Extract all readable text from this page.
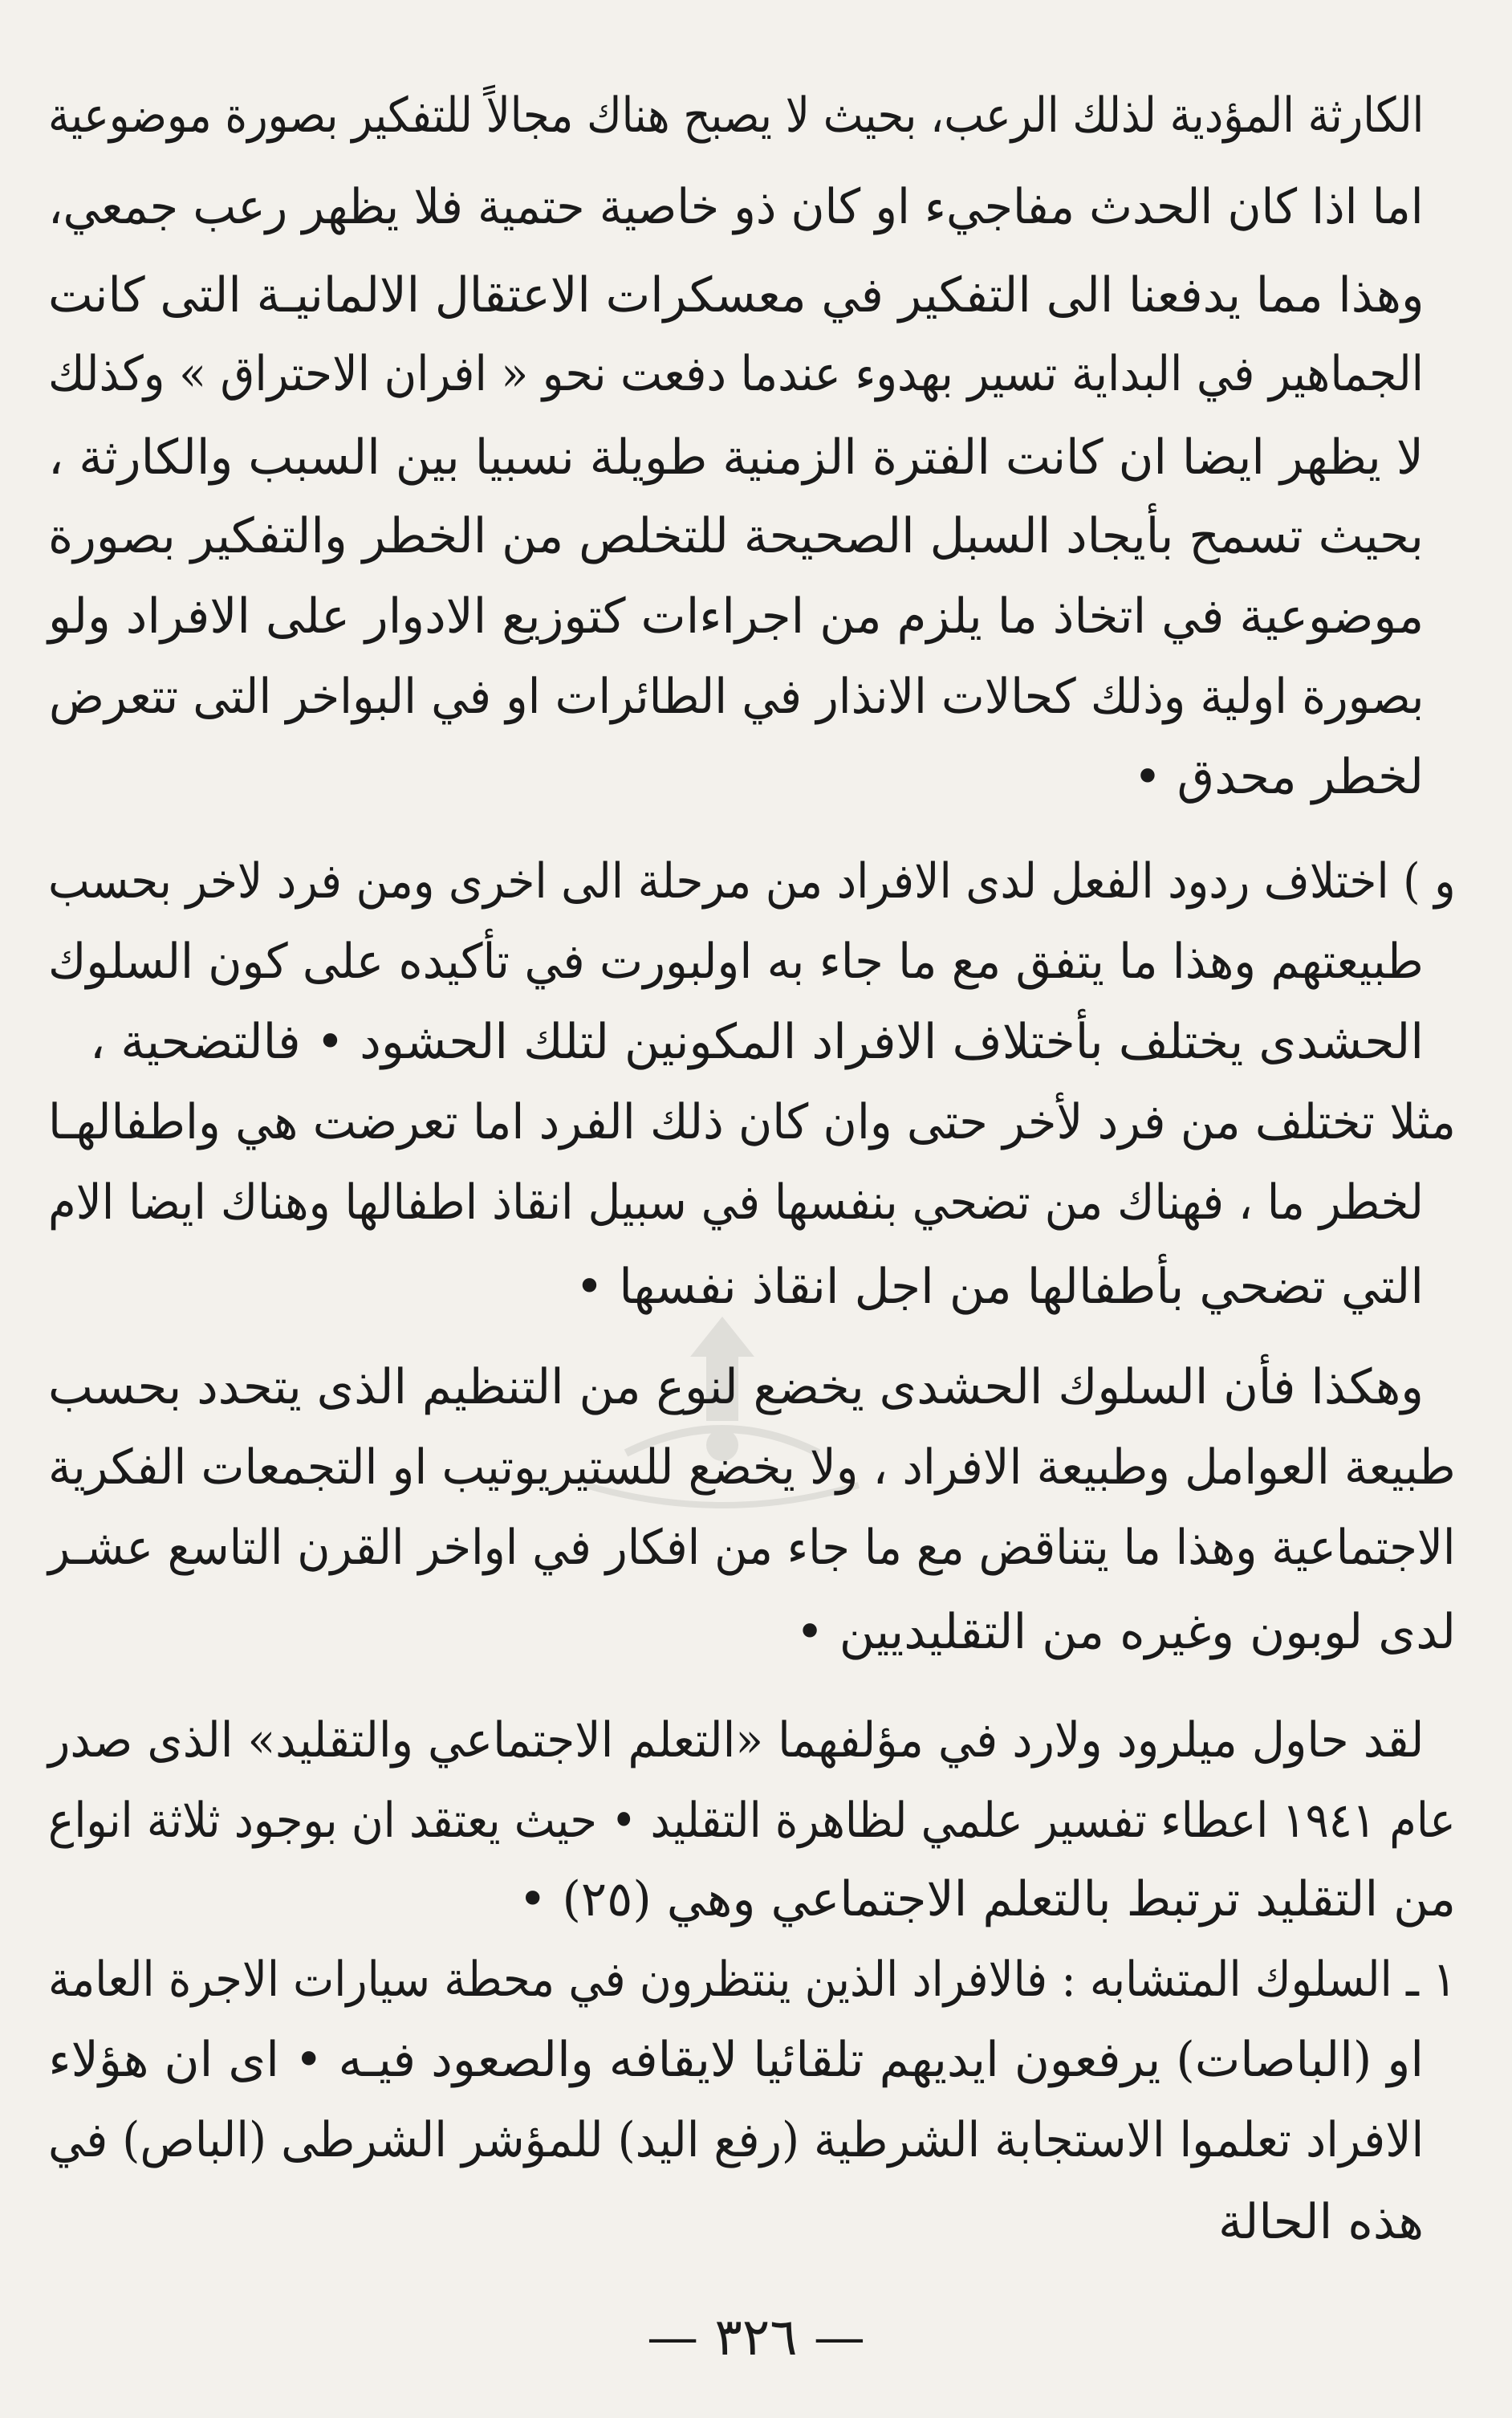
الكارثة المؤدية لذلك الرعب، بحيث لا يصبح هناك مجالاً للتفكير بصورة موضوعية
اما اذا كان الحدث مفاجيء او كان ذو خاصية حتمية فلا يظهر رعب جمعي،
وهذا مما يدفعنا الى التفكير في معسكرات الاعتقال الالمانيـة التى كانت
الجماهير في البداية تسير بهدوء عندما دفعت نحو « افران الاحتراق » وكذلك
لا يظهر ايضا ان كانت الفترة الزمنية طويلة نسبيا بين السبب والكارثة ،
بحيث تسمح بأيجاد السبل الصحيحة للتخلص من الخطر والتفكير بصورة
موضوعية في اتخاذ ما يلزم من اجراءات كتوزيع الادوار على الافراد ولو
بصورة اولية وذلك كحالات الانذار في الطائرات او في البواخر التى تتعرض
لخطر محدق •
و ) اختلاف ردود الفعل لدى الافراد من مرحلة الى اخرى ومن فرد لاخر بحسب
طبيعتهم وهذا ما يتفق مع ما جاء به اولبورت في تأكيده على كون السلوك
الحشدى يختلف بأختلاف الافراد المكونين لتلك الحشود • فالتضحية ،
مثلا تختلف من فرد لأخر حتى وان كان ذلك الفرد اما تعرضت هي واطفالهـا
لخطر ما ، فهناك من تضحي بنفسها في سبيل انقاذ اطفالها وهناك ايضا الام
التي تضحي بأطفالها من اجل انقاذ نفسها •
وهكذا فأن السلوك الحشدى يخضع لنوع من التنظيم الذى يتحدد بحسب
طبيعة العوامل وطبيعة الافراد ، ولا يخضع للستيريوتيب او التجمعات الفكرية
الاجتماعية وهذا ما يتناقض مع ما جاء من افكار في اواخر القرن التاسع عشـر
لدى لوبون وغيره من التقليديين •
لقد حاول ميلرود ولارد في مؤلفهما «التعلم الاجتماعي والتقليد» الذى صدر
عام ١٩٤١ اعطاء تفسير علمي لظاهرة التقليد • حيث يعتقد ان بوجود ثلاثة انواع
من التقليد ترتبط بالتعلم الاجتماعي وهي (٢٥) •
١ ـ السلوك المتشابه : فالافراد الذين ينتظرون في محطة سيارات الاجرة العامة
او (الباصات) يرفعون ايديهم تلقائيا لايقافه والصعود فيـه • اى ان هؤلاء
الافراد تعلموا الاستجابة الشرطية (رفع اليد) للمؤشر الشرطى (الباص) في
هذه الحالة
— ٣٢٦ —
